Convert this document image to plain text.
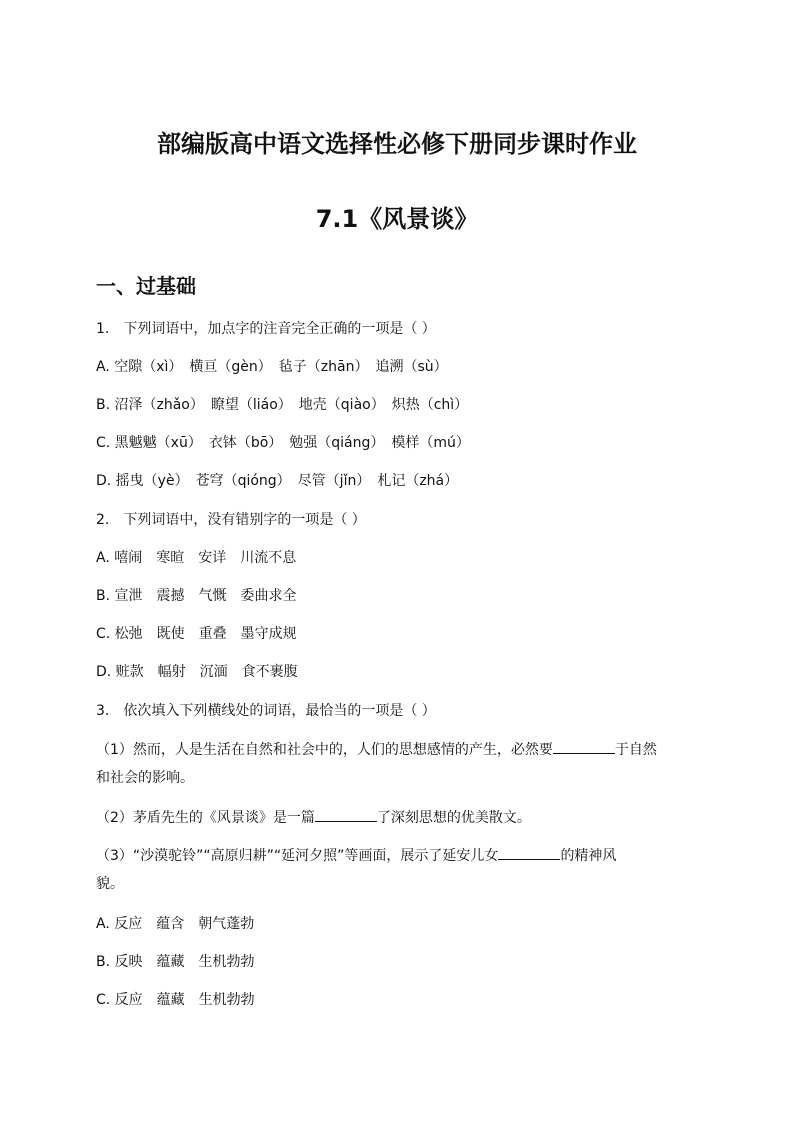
部编版高中语文选择性必修下册同步课时作业
7.1《风景谈》
一、过基础
1.　下列词语中，加点字的注音完全正确的一项是（ ）
A. 空隙（xì）　横亘（gèn）　毡子（zhān）　追溯（sù）
B. 沼泽（zhǎo）　瞭望（liáo）　地壳（qiào）　炽热（chì）
C. 黑魆魆（xū）　衣钵（bō）　勉强（qiáng）　模样（mú）
D. 摇曳（yè）　苍穹（qióng）　尽管（jǐn）　札记（zhá）
2.　下列词语中，没有错别字的一项是（ ）
A. 嘻闹　寒暄　安详　川流不息
B. 宣泄　震撼　气慨　委曲求全
C. 松弛　既使　重叠　墨守成规
D. 赃款　幅射　沉湎　食不裹腹
3.　依次填入下列横线处的词语，最恰当的一项是（ ）
（1）然而，人是生活在自然和社会中的，人们的思想感情的产生，必然要	于自然
和社会的影响。
（2）茅盾先生的《风景谈》是一篇	了深刻思想的优美散文。
（3）“沙漠驼铃”“高原归耕”“延河夕照”等画面，展示了延安儿女	的精神风
貌。
A. 反应　蕴含　朝气蓬勃
B. 反映　蕴藏　生机勃勃
C. 反应　蕴藏　生机勃勃
